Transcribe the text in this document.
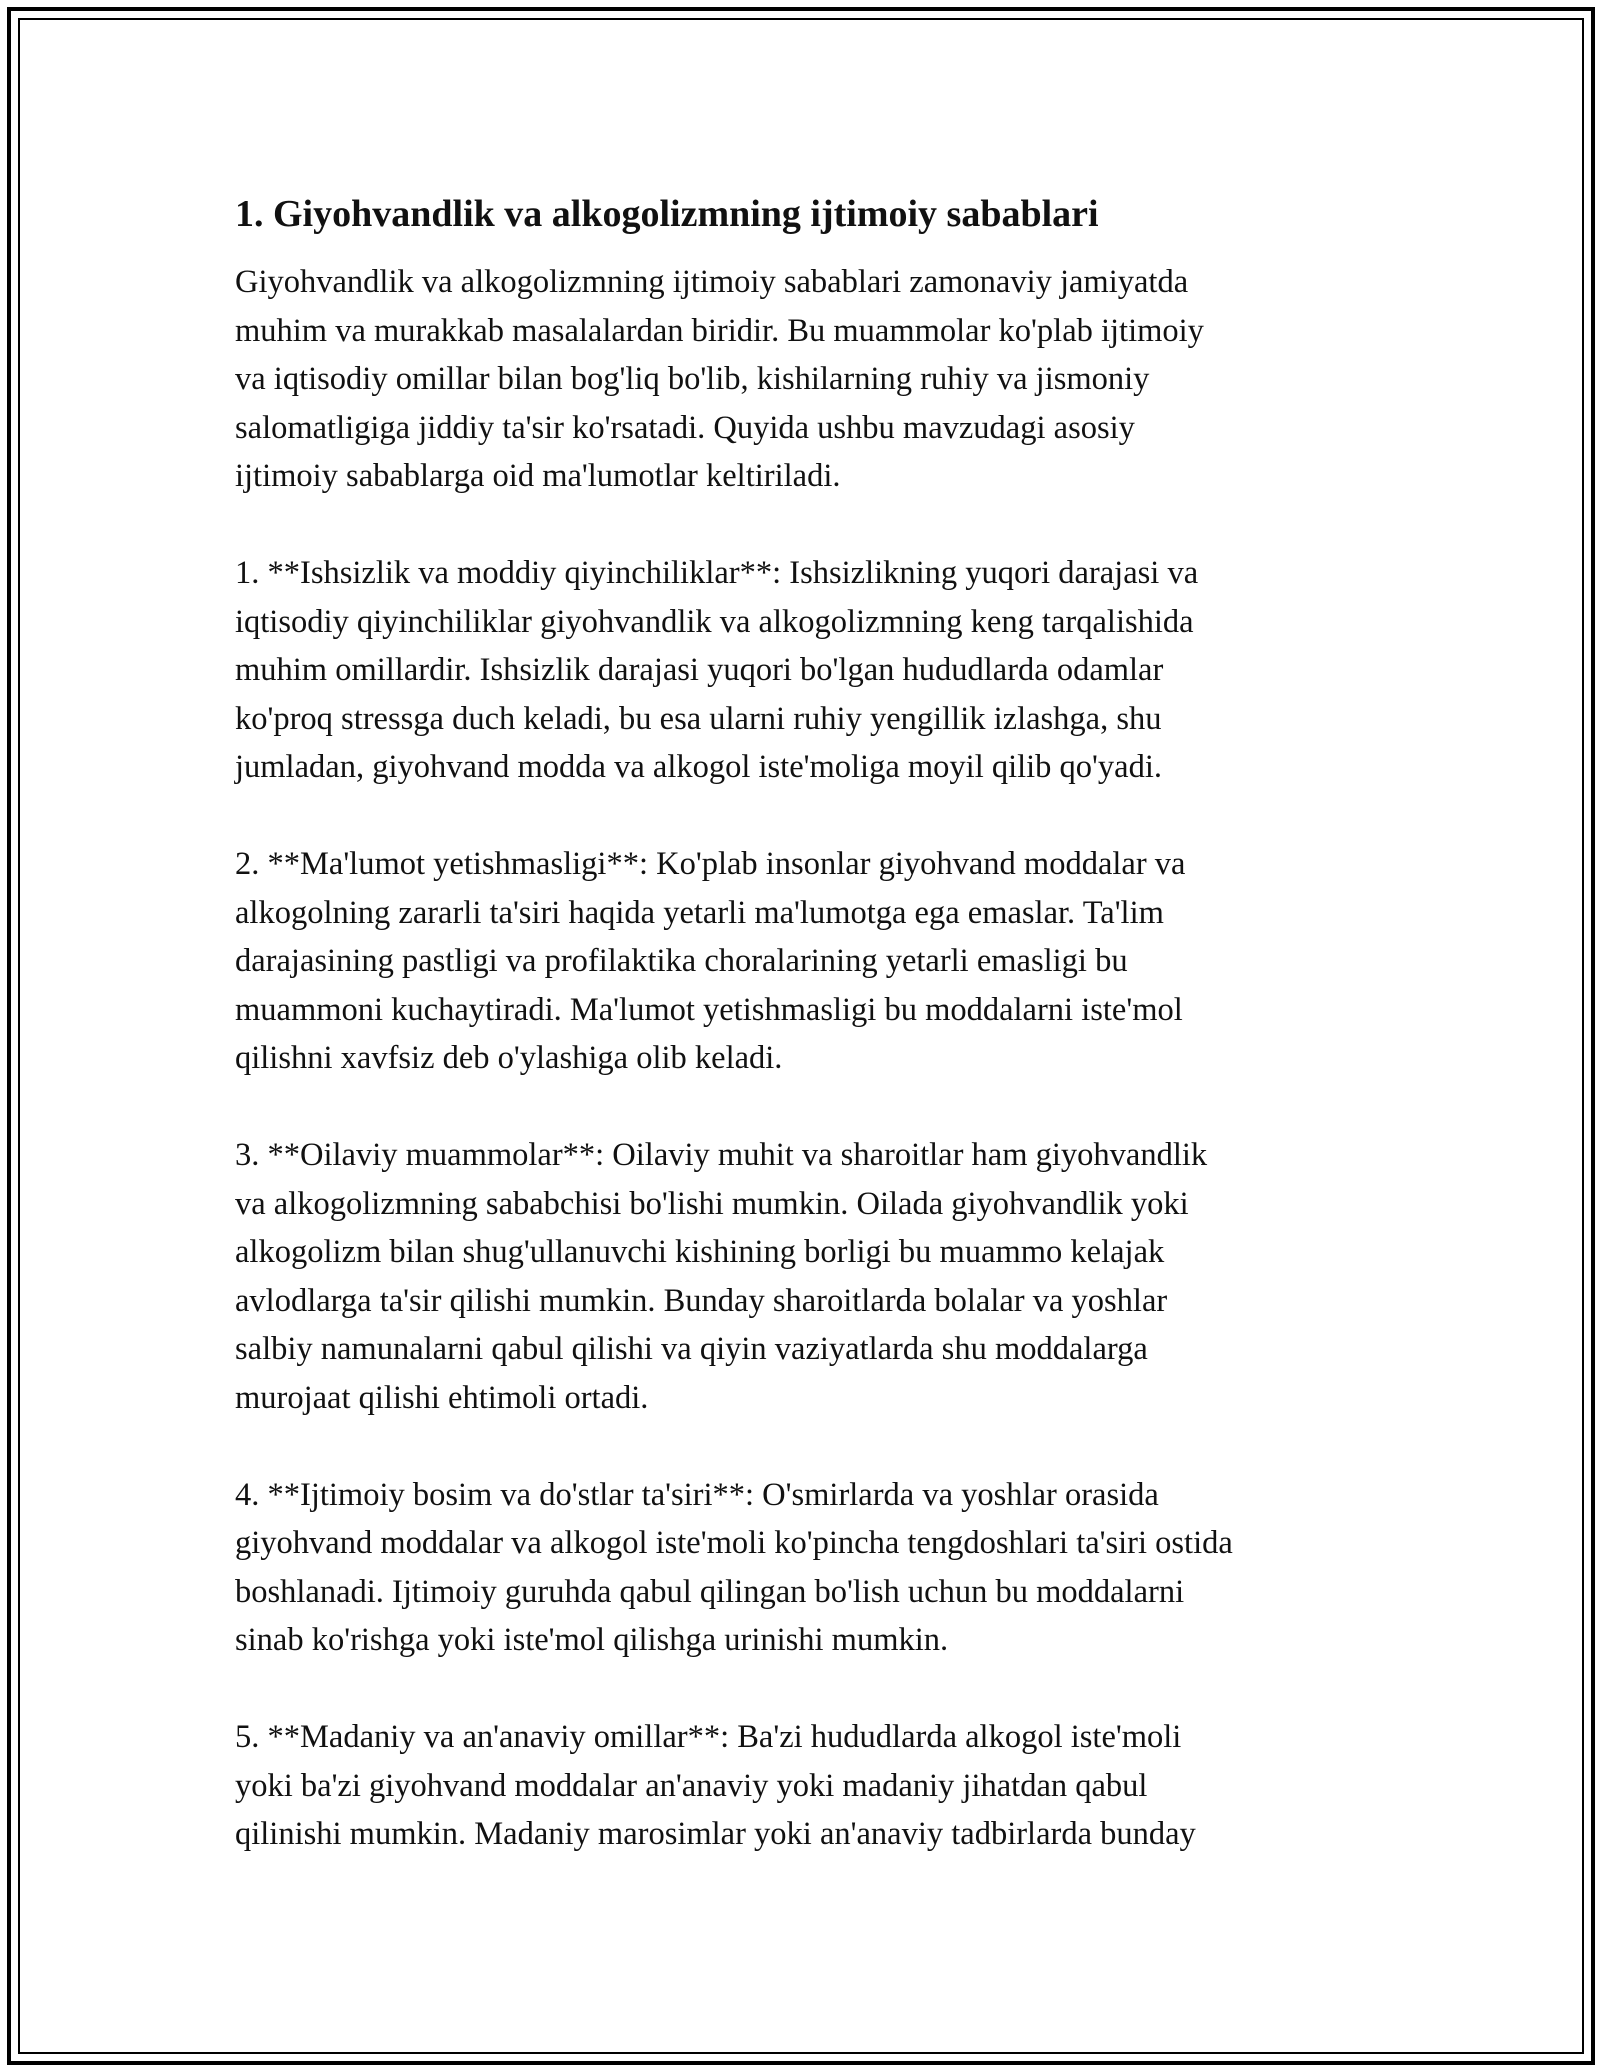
1. Giyohvandlik va alkogolizmning ijtimoiy sabablari
Giyohvandlik va alkogolizmning ijtimoiy sabablari zamonaviy jamiyatda
muhim va murakkab masalalardan biridir. Bu muammolar ko'plab ijtimoiy
va iqtisodiy omillar bilan bog'liq bo'lib, kishilarning ruhiy va jismoniy
salomatligiga jiddiy ta'sir ko'rsatadi. Quyida ushbu mavzudagi asosiy
ijtimoiy sabablarga oid ma'lumotlar keltiriladi.
1. **Ishsizlik va moddiy qiyinchiliklar**: Ishsizlikning yuqori darajasi va
iqtisodiy qiyinchiliklar giyohvandlik va alkogolizmning keng tarqalishida
muhim omillardir. Ishsizlik darajasi yuqori bo'lgan hududlarda odamlar
ko'proq stressga duch keladi, bu esa ularni ruhiy yengillik izlashga, shu
jumladan, giyohvand modda va alkogol iste'moliga moyil qilib qo'yadi.
2. **Ma'lumot yetishmasligi**: Ko'plab insonlar giyohvand moddalar va
alkogolning zararli ta'siri haqida yetarli ma'lumotga ega emaslar. Ta'lim
darajasining pastligi va profilaktika choralarining yetarli emasligi bu
muammoni kuchaytiradi. Ma'lumot yetishmasligi bu moddalarni iste'mol
qilishni xavfsiz deb o'ylashiga olib keladi.
3. **Oilaviy muammolar**: Oilaviy muhit va sharoitlar ham giyohvandlik
va alkogolizmning sababchisi bo'lishi mumkin. Oilada giyohvandlik yoki
alkogolizm bilan shug'ullanuvchi kishining borligi bu muammo kelajak
avlodlarga ta'sir qilishi mumkin. Bunday sharoitlarda bolalar va yoshlar
salbiy namunalarni qabul qilishi va qiyin vaziyatlarda shu moddalarga
murojaat qilishi ehtimoli ortadi.
4. **Ijtimoiy bosim va do'stlar ta'siri**: O'smirlarda va yoshlar orasida
giyohvand moddalar va alkogol iste'moli ko'pincha tengdoshlari ta'siri ostida
boshlanadi. Ijtimoiy guruhda qabul qilingan bo'lish uchun bu moddalarni
sinab ko'rishga yoki iste'mol qilishga urinishi mumkin.
5. **Madaniy va an'anaviy omillar**: Ba'zi hududlarda alkogol iste'moli
yoki ba'zi giyohvand moddalar an'anaviy yoki madaniy jihatdan qabul
qilinishi mumkin. Madaniy marosimlar yoki an'anaviy tadbirlarda bunday
